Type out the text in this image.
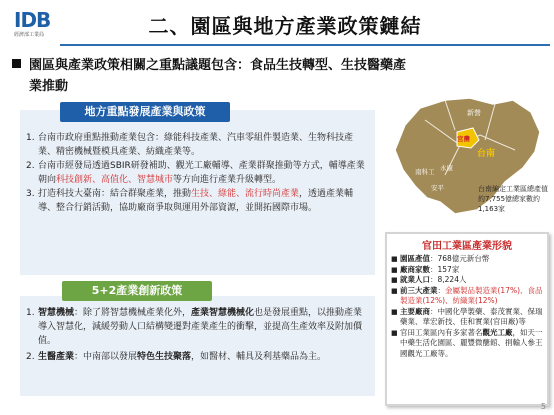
IDB
經濟部工業局	二、園區與地方產業政策鏈結
園區與產業政策相關之重點議題包含：食品生技轉型、生技醫藥產
業推動
地方重點發展產業與政策
1. 台南市政府重點推動產業包含：綠能科技產業、汽車零組件製造業、生物科技產業、精密機械暨模具產業、紡織產業等。
2. 台南市經發局透過SBIR研發補助、觀光工廠輔導、產業群聚推動等方式，輔導產業朝向科技創新、高值化、智慧城市等方向進行產業升級轉型。
3. 打造科技大臺南：結合群聚產業，推動生技、綠能、流行時尚產業，透過產業輔導、整合行銷活動，協助廠商爭取與運用外部資源，並開拓國際市場。
5+2產業創新政策
1. 智慧機械：除了將智慧機械產業化外，產業智慧機械化也是發展重點，以推動產業導入智慧化，減緩勞動人口結構變遷對產業產生的衝擊，並提高生產效率及附加價值。
2. 生醫產業：中南部以發展特色生技聚落，如醫材、輔具及利基藥品為主。
新營
官田
台南
南科工 永康
安平	台南編定工業區總產值約7,755億總家數約1,163家
官田工業區產業形貌
■ 園區產值：768億元新台幣
■ 廠商家數：157家
■ 就業人口：8,224人
■ 前三大產業：金屬製品製造業(17%)、食品製造業(12%)、紡織業(12%)
■ 主要廠商：中國化學製藥、泰茂實業、保瑞藥業、華宏新技、佳和實業(官田廠)等
■ 官田工業區內有多家著名觀光工廠，如天一中藥生活化園區、麗豐微醣館、捐輸人參王國觀光工廠等。
5
